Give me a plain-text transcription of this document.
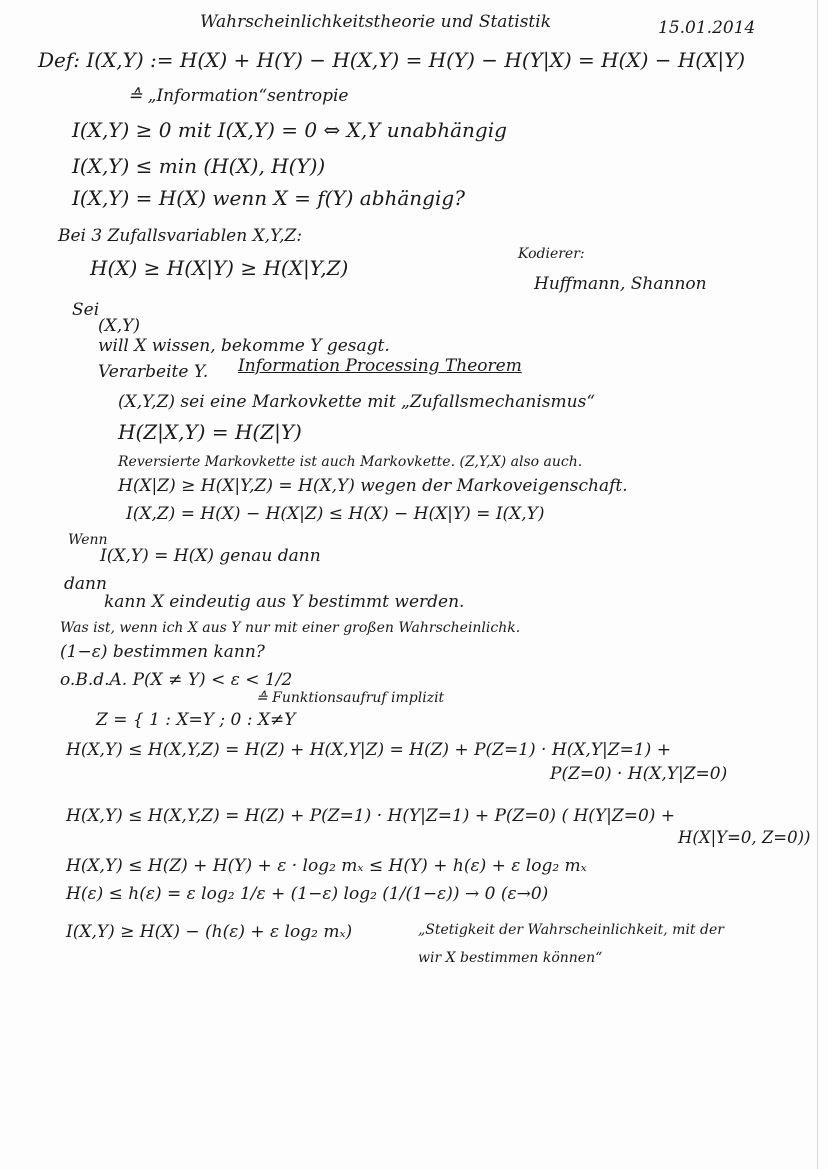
Wahrscheinlichkeitstheorie und Statistik	15.01.2014
Def: I(X,Y) := H(X) + H(Y) − H(X,Y) = H(Y) − H(Y|X) = H(X) − H(X|Y)
≙ „Information“sentropie
I(X,Y) ≥ 0 mit I(X,Y) = 0 ⇔ X,Y unabhängig
I(X,Y) ≤ min (H(X), H(Y))
I(X,Y) = H(X) wenn X = f(Y) abhängig?
Bei 3 Zufallsvariablen X,Y,Z:
H(X) ≥ H(X|Y) ≥ H(X|Y,Z)
Kodierer:
Huffmann, Shannon
Sei
(X,Y)
will X wissen, bekomme Y gesagt.
Verarbeite Y. Information Processing Theorem
(X,Y,Z) sei eine Markovkette mit „Zufallsmechanismus“
H(Z|X,Y) = H(Z|Y)
Reversierte Markovkette ist auch Markovkette. (Z,Y,X) also auch.
H(X|Z) ≥ H(X|Y,Z) = H(X,Y) wegen der Markoveigenschaft.
I(X,Z) = H(X) − H(X|Z) ≤ H(X) − H(X|Y) = I(X,Y)
Wenn
I(X,Y) = H(X) genau dann
dann
kann X eindeutig aus Y bestimmt werden.
Was ist, wenn ich X aus Y nur mit einer großen Wahrscheinlichk.
(1−ε) bestimmen kann?
o.B.d.A. P(X ≠ Y) < ε < 1/2
≙ Funktionsaufruf implizit
Z = { 1 : X=Y ; 0 : X≠Y
H(X,Y) ≤ H(X,Y,Z) = H(Z) + H(X,Y|Z) = H(Z) + P(Z=1) · H(X,Y|Z=1) +
P(Z=0) · H(X,Y|Z=0)
H(X,Y) ≤ H(X,Y,Z) = H(Z) + P(Z=1) · H(Y|Z=1) + P(Z=0) ( H(Y|Z=0) +
H(X|Y=0, Z=0))
H(X,Y) ≤ H(Z) + H(Y) + ε · log₂ mₓ ≤ H(Y) + h(ε) + ε log₂ mₓ
H(ε) ≤ h(ε) = ε log₂ 1/ε + (1−ε) log₂ (1/(1−ε)) → 0 (ε→0)
I(X,Y) ≥ H(X) − (h(ε) + ε log₂ mₓ)	„Stetigkeit der Wahrscheinlichkeit, mit der
wir X bestimmen können“
